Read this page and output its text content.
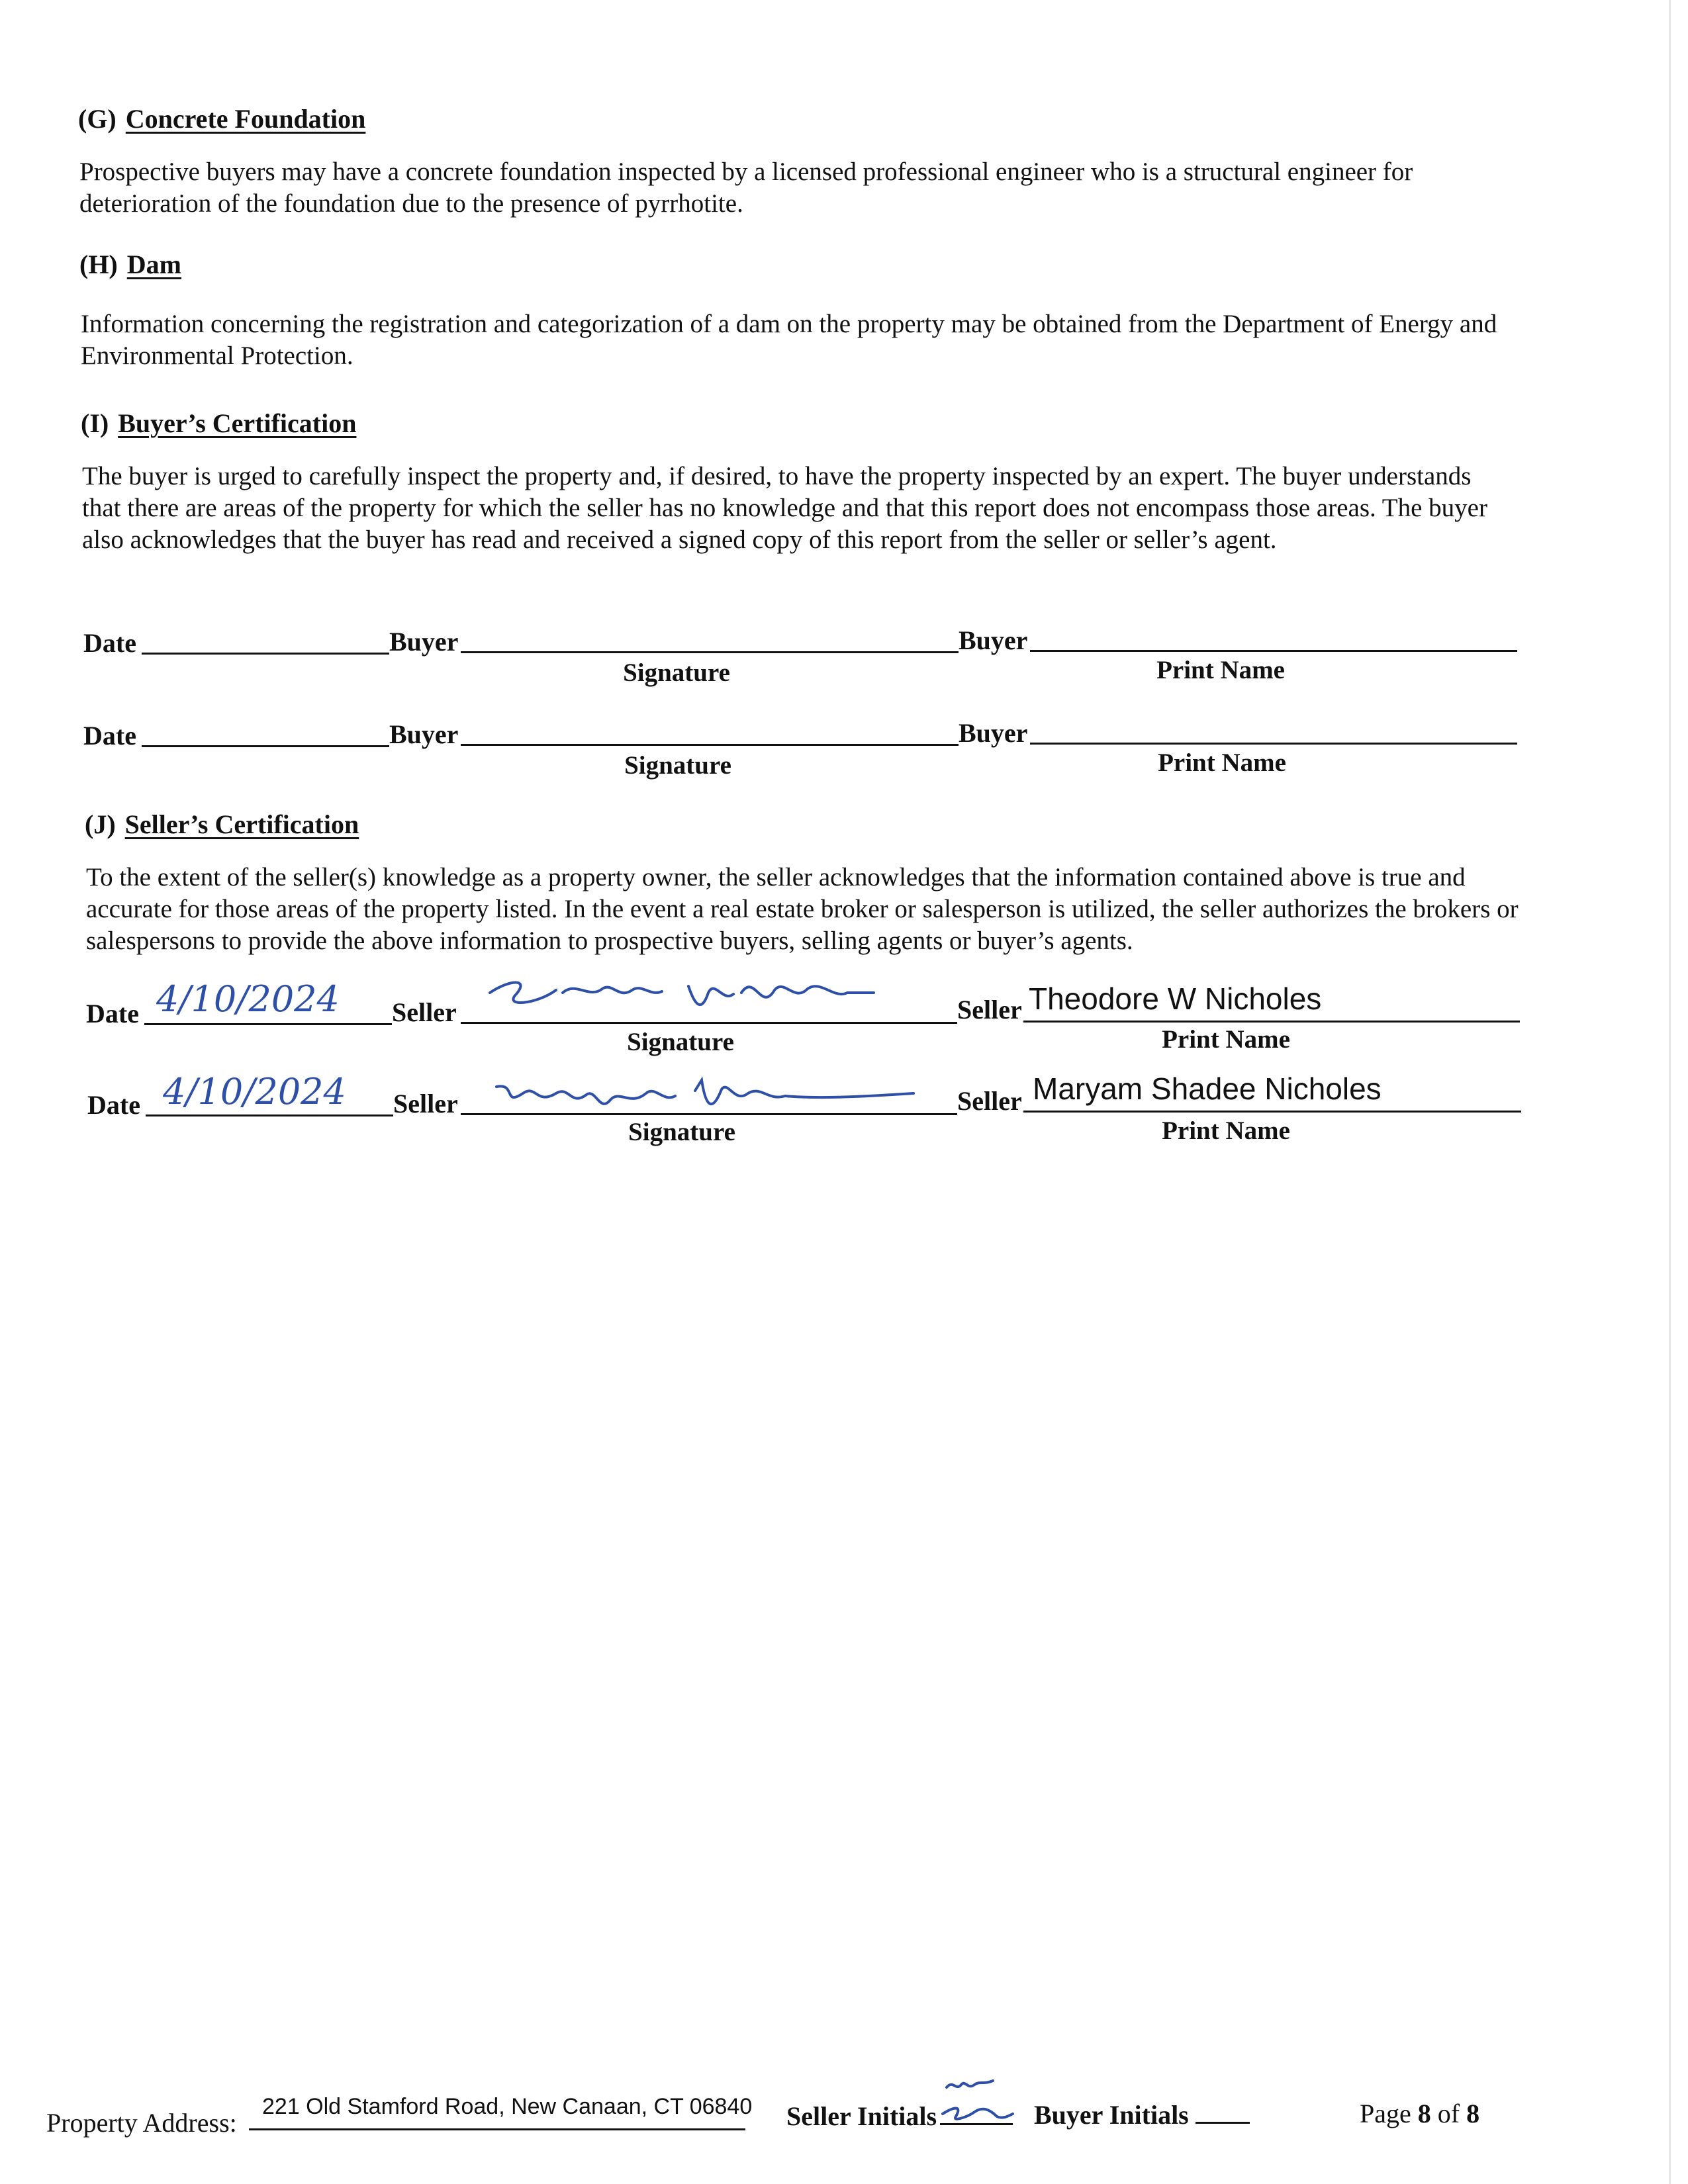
(G) Concrete Foundation
Prospective buyers may have a concrete foundation inspected by a licensed professional engineer who is a structural engineer for deterioration of the foundation due to the presence of pyrrhotite.
(H) Dam
Information concerning the registration and categorization of a dam on the property may be obtained from the Department of Energy and Environmental Protection.
(I) Buyer’s Certification
The buyer is urged to carefully inspect the property and, if desired, to have the property inspected by an expert. The buyer understands that there are areas of the property for which the seller has no knowledge and that this report does not encompass those areas. The buyer also acknowledges that the buyer has read and received a signed copy of this report from the seller or seller’s agent.
Date	Buyer
Signature
Buyer
Print Name
Date	Buyer
Signature
Buyer
Print Name
(J) Seller’s Certification
To the extent of the seller(s) knowledge as a property owner, the seller acknowledges that the information contained above is true and accurate for those areas of the property listed. In the event a real estate broker or salesperson is utilized, the seller authorizes the brokers or salespersons to provide the above information to prospective buyers, selling agents or buyer’s agents.
Date 4/10/2024 Seller
Signature
Seller Theodore W Nicholes
Print Name
Date 4/10/2024 Seller
Signature
Seller Maryam Shadee Nicholes
Print Name
Property Address:
221 Old Stamford Road, New Canaan, CT 06840 Seller Initials	Buyer Initials	Page 8 of 8
